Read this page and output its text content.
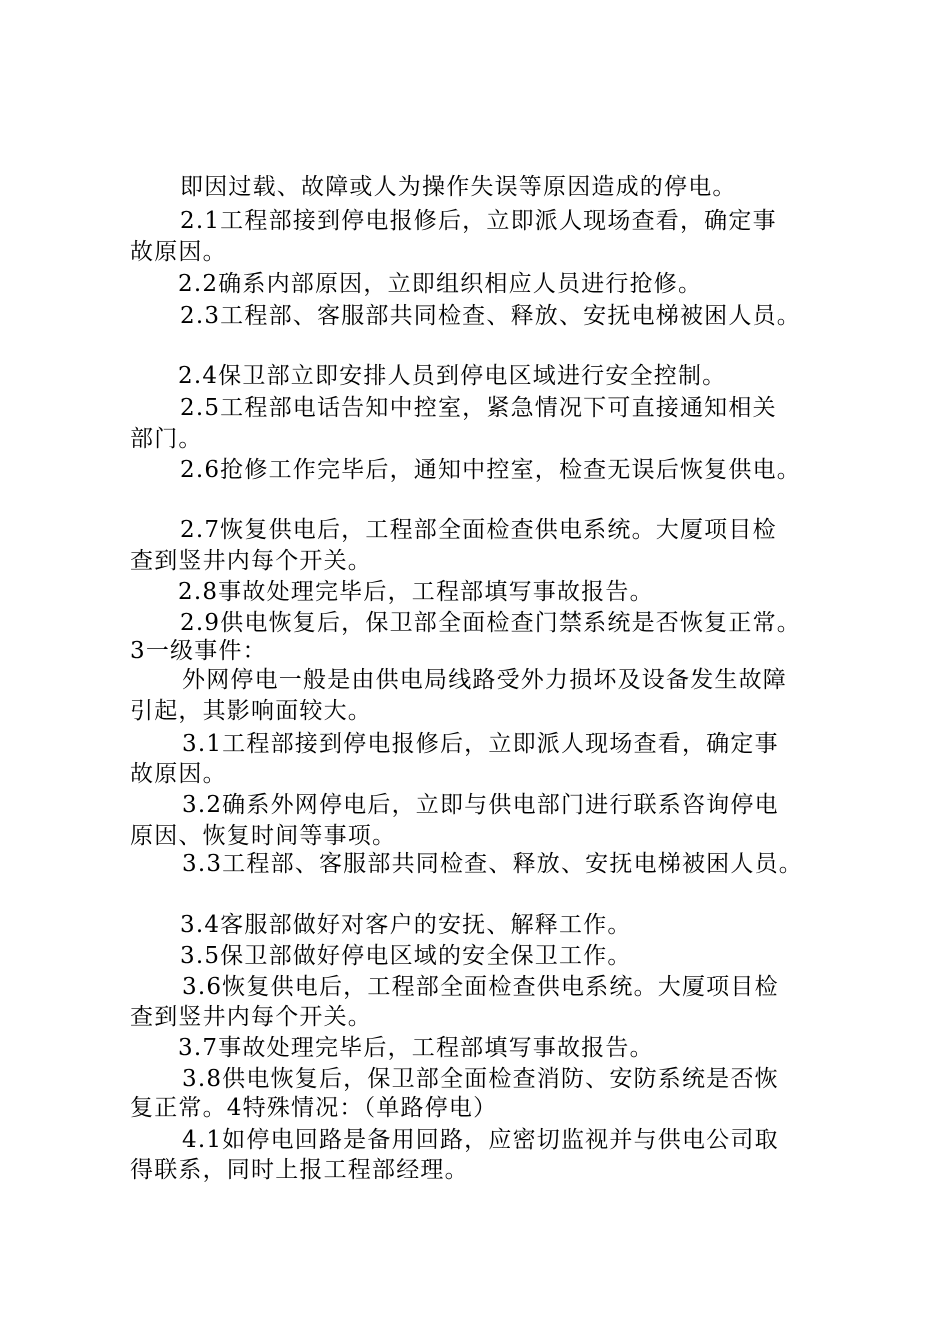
即因过载、故障或人为操作失误等原因造成的停电。
2.1工程部接到停电报修后，立即派人现场查看，确定事
故原因。
2.2确系内部原因，立即组织相应人员进行抢修。
2.3工程部、客服部共同检查、释放、安抚电梯被困人员。
2.4保卫部立即安排人员到停电区域进行安全控制。
2.5工程部电话告知中控室，紧急情况下可直接通知相关
部门。
2.6抢修工作完毕后，通知中控室，检查无误后恢复供电。
2.7恢复供电后，工程部全面检查供电系统。大厦项目检
查到竖井内每个开关。
2.8事故处理完毕后，工程部填写事故报告。
2.9供电恢复后，保卫部全面检查门禁系统是否恢复正常。
3一级事件：
外网停电一般是由供电局线路受外力损坏及设备发生故障
引起，其影响面较大。
3.1工程部接到停电报修后，立即派人现场查看，确定事
故原因。
3.2确系外网停电后，立即与供电部门进行联系咨询停电
原因、恢复时间等事项。
3.3工程部、客服部共同检查、释放、安抚电梯被困人员。
3.4客服部做好对客户的安抚、解释工作。
3.5保卫部做好停电区域的安全保卫工作。
3.6恢复供电后，工程部全面检查供电系统。大厦项目检
查到竖井内每个开关。
3.7事故处理完毕后，工程部填写事故报告。
3.8供电恢复后，保卫部全面检查消防、安防系统是否恢
复正常。4特殊情况：（单路停电）
4.1如停电回路是备用回路，应密切监视并与供电公司取
得联系，同时上报工程部经理。
